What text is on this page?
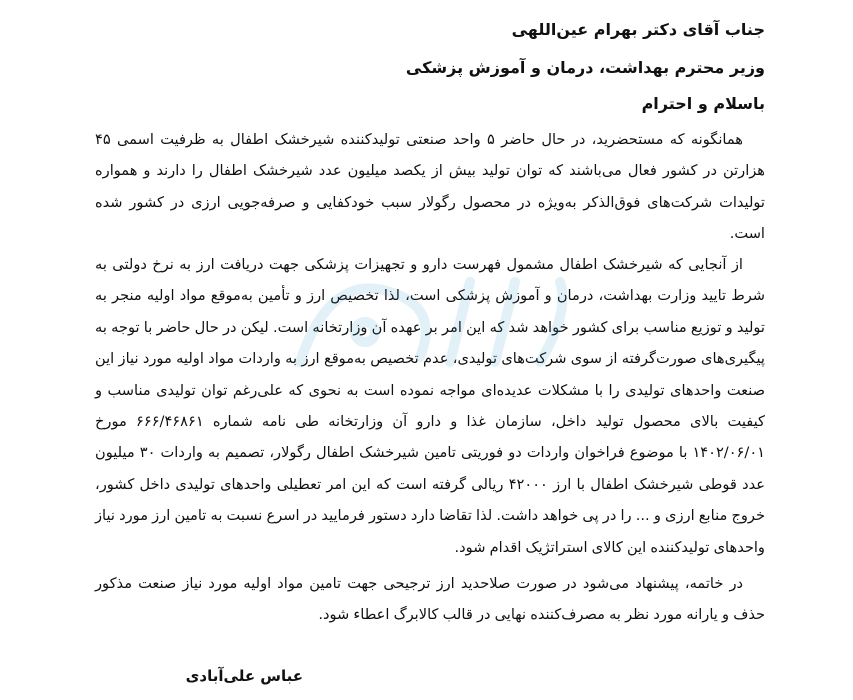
جناب آقای دکتر بهرام عین‌اللهی
وزیر محترم بهداشت، درمان و آموزش پزشکی
باسلام و احترام
همانگونه که مستحضرید، در حال حاضر ۵ واحد صنعتی تولیدکننده شیرخشک اطفال به ظرفیت اسمی ۴۵ هزارتن در کشور فعال می‌باشند که توان تولید بیش از یکصد میلیون عدد شیرخشک اطفال را دارند و همواره تولیدات شرکت‌های فوق‌الذکر به‌ویژه در محصول رگولار سبب خودکفایی و صرفه‌جویی ارزی در کشور شده است.
از آنجایی که شیرخشک اطفال مشمول فهرست دارو و تجهیزات پزشکی جهت دریافت ارز به نرخ دولتی به شرط تایید وزارت بهداشت، درمان و آموزش پزشکی است، لذا تخصیص ارز و تأمین به‌موقع مواد اولیه منجر به تولید و توزیع مناسب برای کشور خواهد شد که این امر بر عهده آن وزارتخانه است. لیکن در حال حاضر با توجه به پیگیری‌های صورت‌گرفته از سوی شرکت‌های تولیدی، عدم تخصیص به‌موقع ارز به واردات مواد اولیه مورد نیاز این صنعت واحدهای تولیدی را با مشکلات عدیده‌ای مواجه نموده است به نحوی که علی‌رغم توان تولیدی مناسب و کیفیت بالای محصول تولید داخل، سازمان غذا و دارو آن وزارتخانه طی نامه شماره ۶۶۶/۴۶۸۶۱ مورخ ۱۴۰۲/۰۶/۰۱ با موضوع فراخوان واردات دو فوریتی تامین شیرخشک اطفال رگولار، تصمیم به واردات ۳۰ میلیون عدد قوطی شیرخشک اطفال با ارز ۴۲۰۰۰ ریالی گرفته است که این امر تعطیلی واحدهای تولیدی داخل کشور، خروج منابع ارزی و ... را در پی خواهد داشت. لذا تقاضا دارد دستور فرمایید در اسرع نسبت به تامین ارز مورد نیاز واحدهای تولیدکننده این کالای استراتژیک اقدام شود.
در خاتمه، پیشنهاد می‌شود در صورت صلاحدید ارز ترجیحی جهت تامین مواد اولیه مورد نیاز صنعت مذکور حذف و یارانه مورد نظر به مصرف‌کننده نهایی در قالب کالابرگ اعطاء شود.
عباس علی‌آبادی
